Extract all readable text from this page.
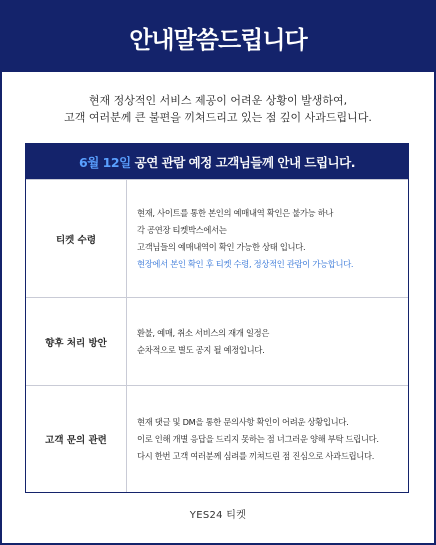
안내말씀드립니다
현재 정상적인 서비스 제공이 어려운 상황이 발생하여,
고객 여러분께 큰 불편을 끼쳐드리고 있는 점 깊이 사과드립니다.
6월 12일 공연 관람 예정 고객님들께 안내 드립니다.
티켓 수령
현재, 사이트를 통한 본인의 예매내역 확인은 불가능 하나
각 공연장 티켓박스에서는
고객님들의 예매내역이 확인 가능한 상태 입니다.
현장에서 본인 확인 후 티켓 수령, 정상적인 관람이 가능합니다.
향후 처리 방안
환불, 예매, 취소 서비스의 재개 일정은
순차적으로 별도 공지 될 예정입니다.
고객 문의 관련
현재 댓글 및 DM을 통한 문의사항 확인이 어려운 상황입니다.
이로 인해 개별 응답을 드리지 못하는 점 너그러운 양해 부탁 드립니다.
다시 한번 고객 여러분께 심려를 끼쳐드린 점 진심으로 사과드립니다.
YES24 티켓
